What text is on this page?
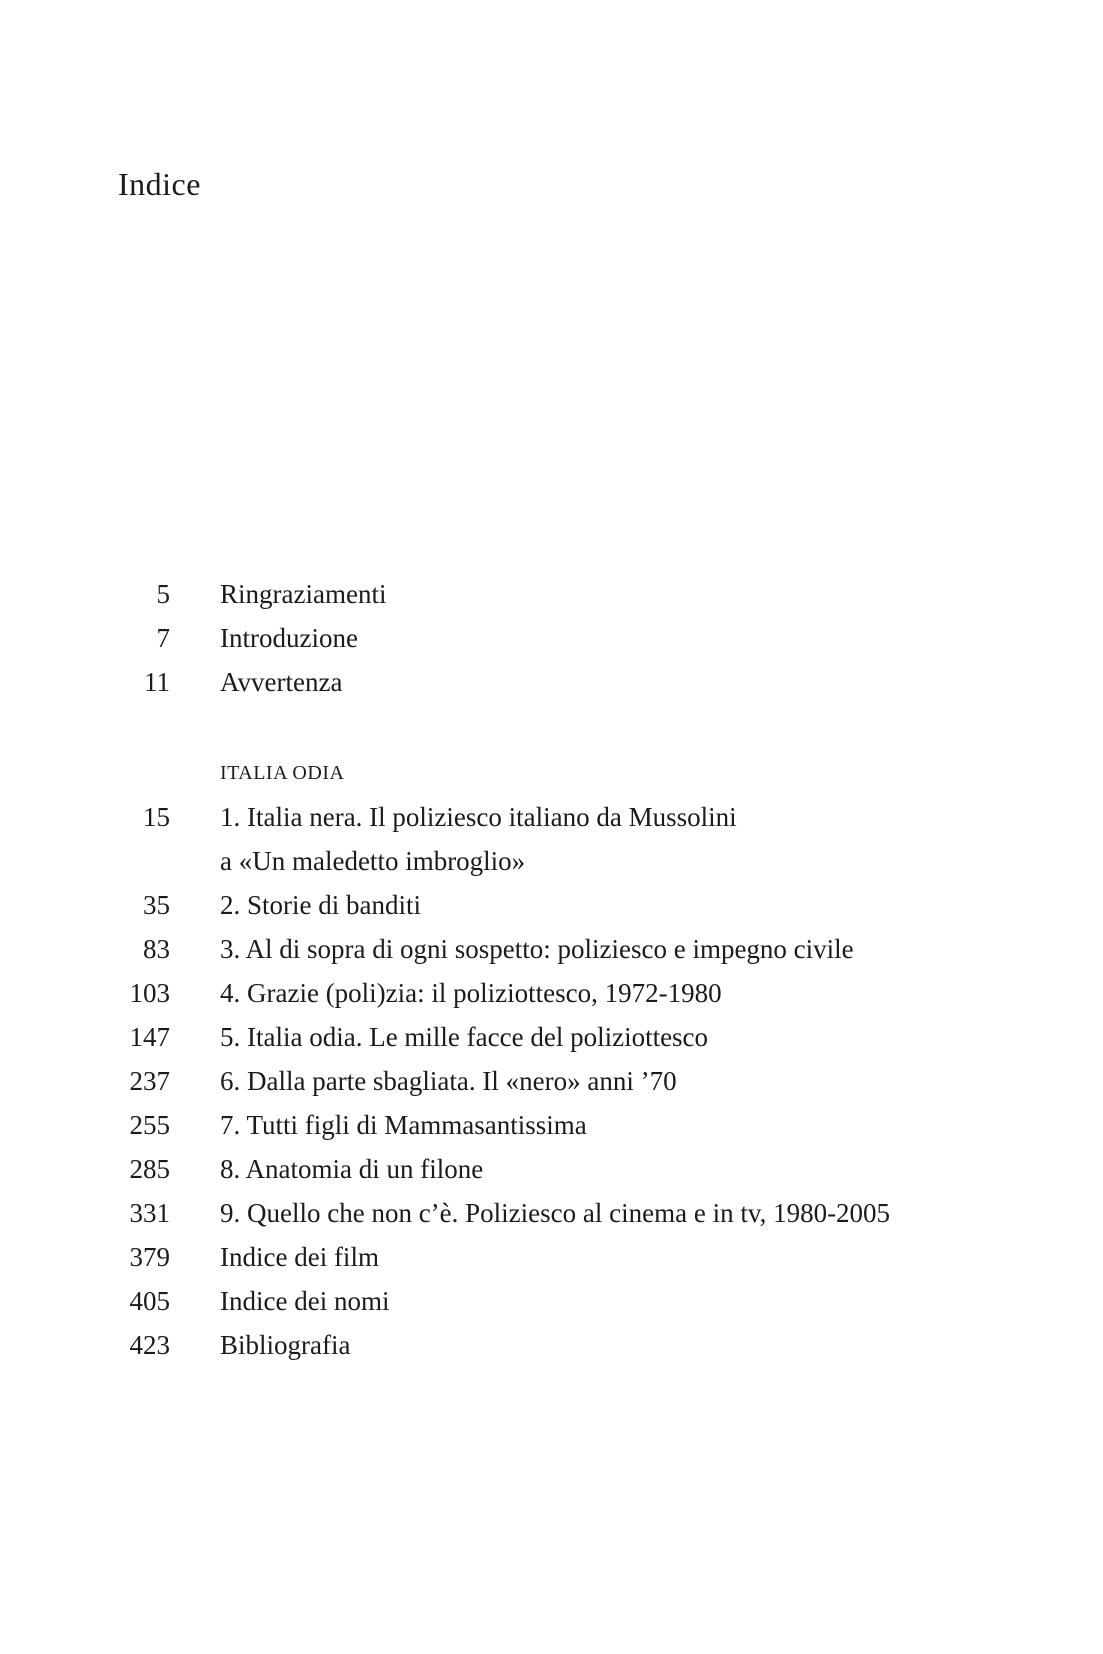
Indice
5 Ringraziamenti
7 Introduzione
11 Avvertenza
ITALIA ODIA
15 1. Italia nera. Il poliziesco italiano da Mussolini
a «Un maledetto imbroglio»
35 2. Storie di banditi
83 3. Al di sopra di ogni sospetto: poliziesco e impegno civile
103 4. Grazie (poli)zia: il poliziottesco, 1972-1980
147 5. Italia odia. Le mille facce del poliziottesco
237 6. Dalla parte sbagliata. Il «nero» anni ’70
255 7. Tutti figli di Mammasantissima
285 8. Anatomia di un filone
331 9. Quello che non c’è. Poliziesco al cinema e in tv, 1980-2005
379 Indice dei film
405 Indice dei nomi
423 Bibliografia
